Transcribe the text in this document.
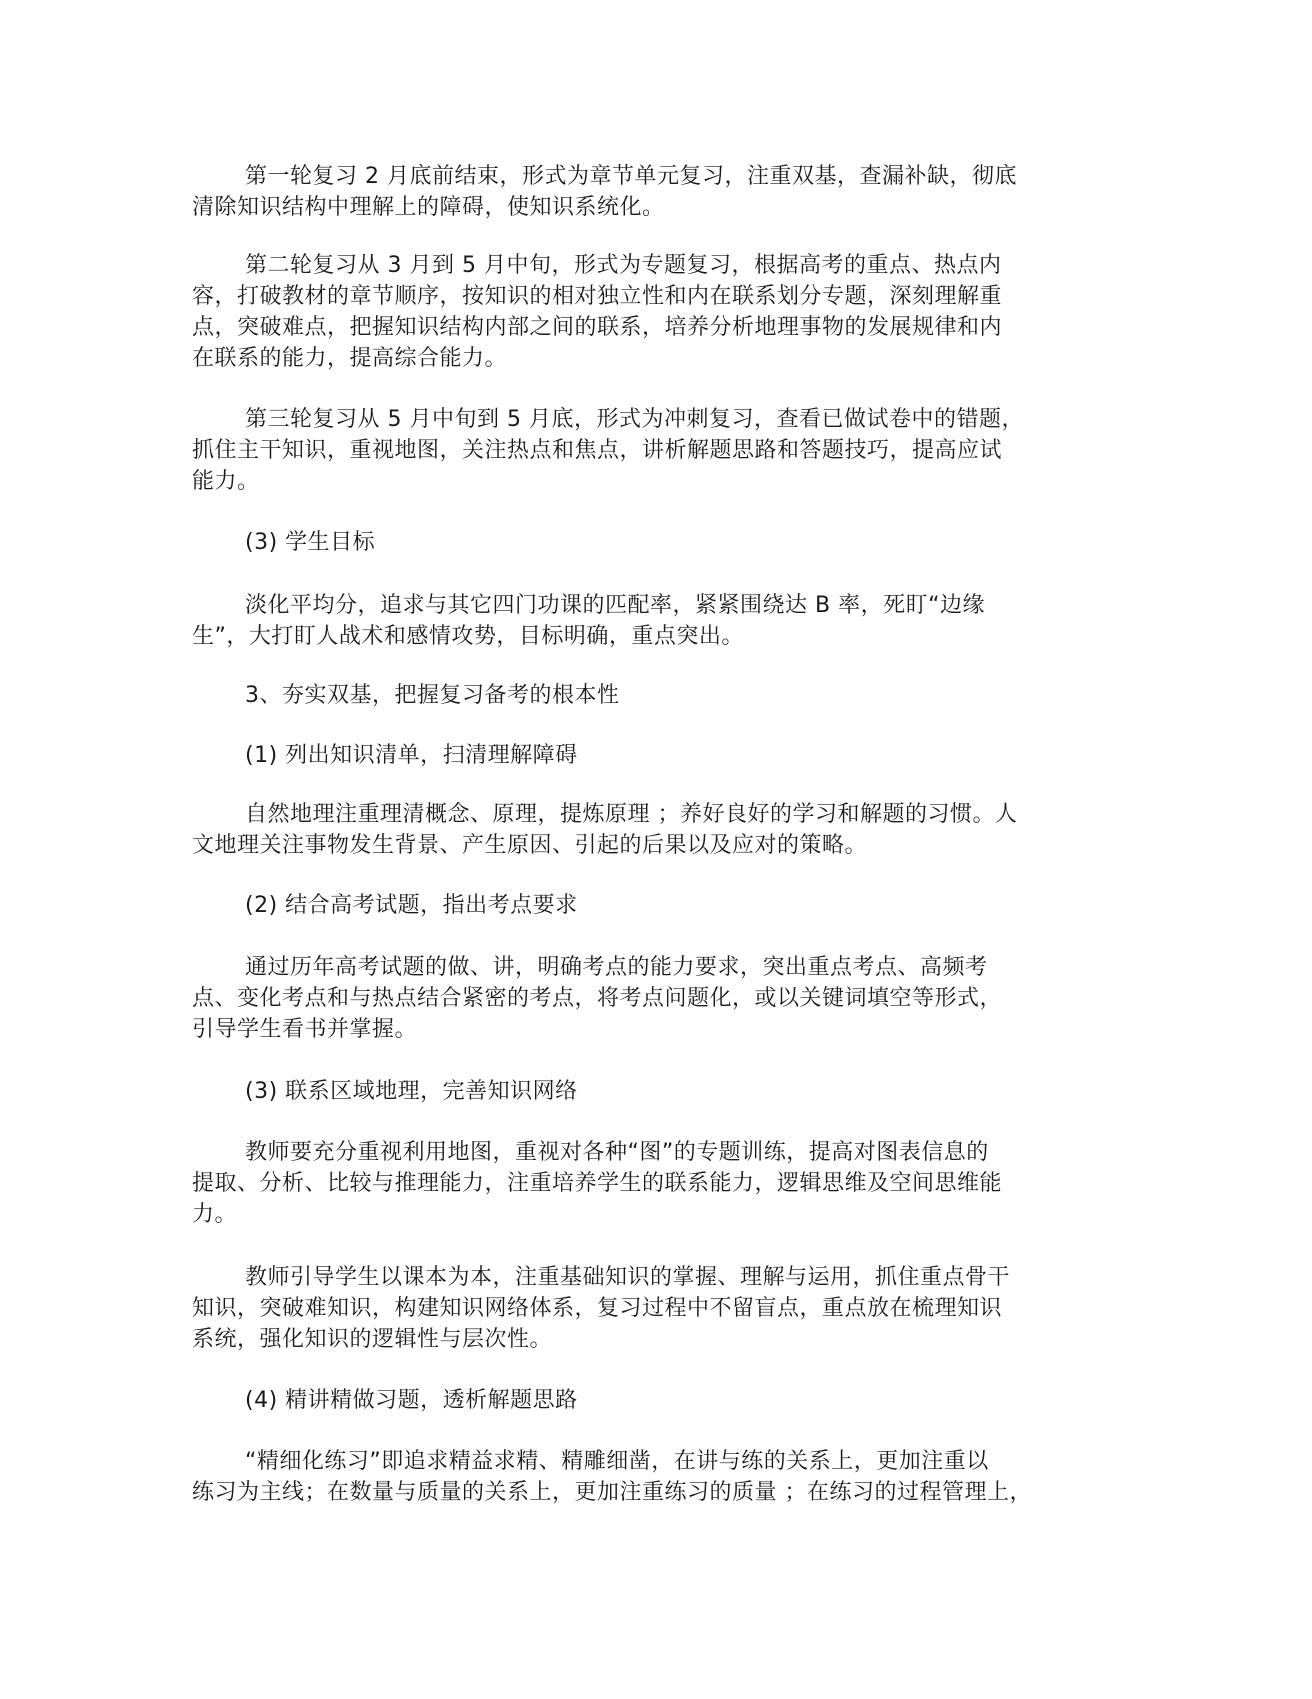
第一轮复习 2 月底前结束，形式为章节单元复习，注重双基，查漏补缺，彻底
清除知识结构中理解上的障碍，使知识系统化。
第二轮复习从 3 月到 5 月中旬，形式为专题复习，根据高考的重点、热点内
容，打破教材的章节顺序，按知识的相对独立性和内在联系划分专题，深刻理解重
点，突破难点，把握知识结构内部之间的联系，培养分析地理事物的发展规律和内
在联系的能力，提高综合能力。
第三轮复习从 5 月中旬到 5 月底，形式为冲刺复习，查看已做试卷中的错题，
抓住主干知识，重视地图，关注热点和焦点，讲析解题思路和答题技巧，提高应试
能力。
(3) 学生目标
淡化平均分，追求与其它四门功课的匹配率，紧紧围绕达 B 率，死盯“边缘
生”，大打盯人战术和感情攻势，目标明确，重点突出。
3、夯实双基，把握复习备考的根本性
(1) 列出知识清单，扫清理解障碍
自然地理注重理清概念、原理，提炼原理 ；养好良好的学习和解题的习惯。人
文地理关注事物发生背景、产生原因、引起的后果以及应对的策略。
(2) 结合高考试题，指出考点要求
通过历年高考试题的做、讲，明确考点的能力要求，突出重点考点、高频考
点、变化考点和与热点结合紧密的考点，将考点问题化，或以关键词填空等形式，
引导学生看书并掌握。
(3) 联系区域地理，完善知识网络
教师要充分重视利用地图，重视对各种“图”的专题训练，提高对图表信息的
提取、分析、比较与推理能力，注重培养学生的联系能力，逻辑思维及空间思维能
力。
教师引导学生以课本为本，注重基础知识的掌握、理解与运用，抓住重点骨干
知识，突破难知识，构建知识网络体系，复习过程中不留盲点，重点放在梳理知识
系统，强化知识的逻辑性与层次性。
(4) 精讲精做习题，透析解题思路
“精细化练习”即追求精益求精、精雕细凿，在讲与练的关系上，更加注重以
练习为主线；在数量与质量的关系上，更加注重练习的质量 ；在练习的过程管理上，
